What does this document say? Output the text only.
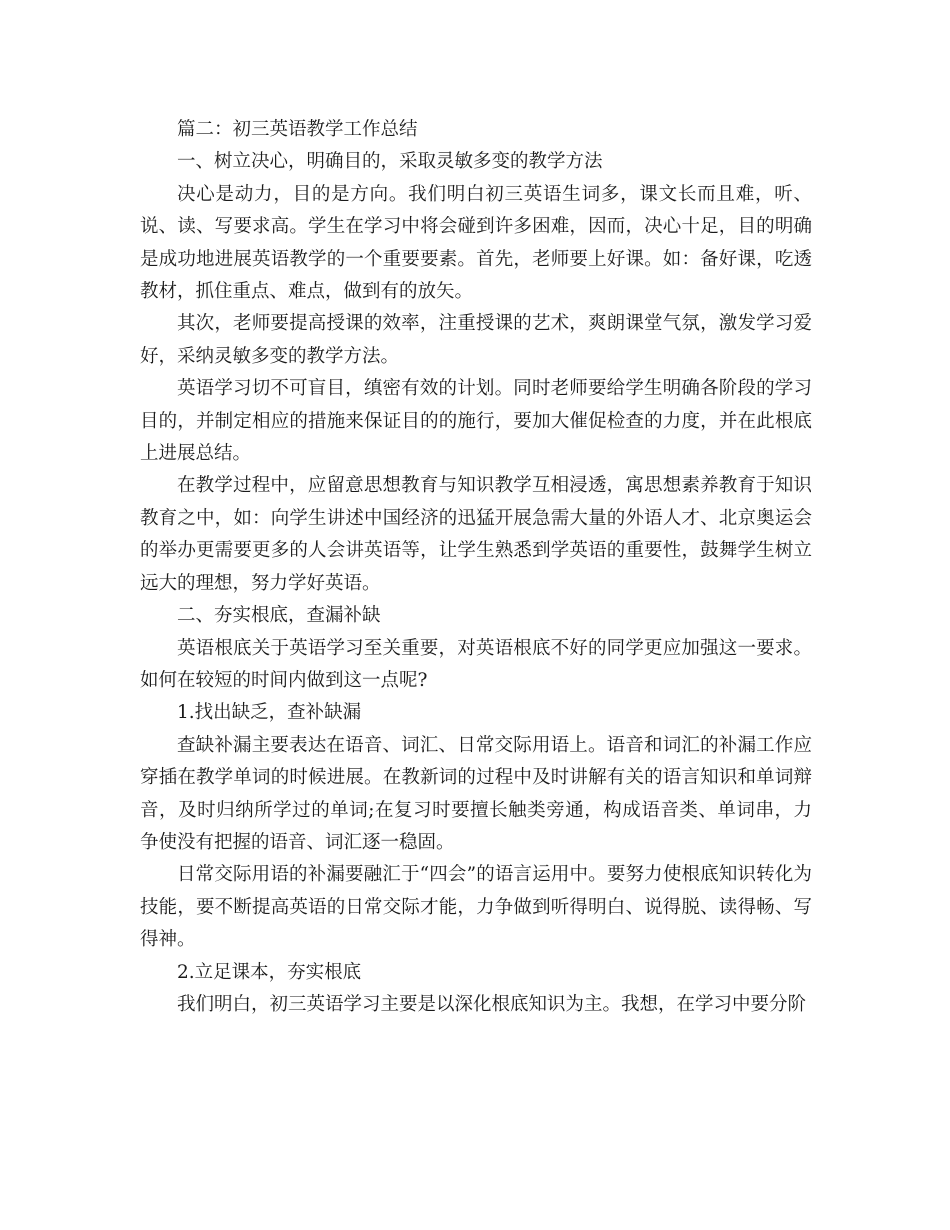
篇二：初三英语教学工作总结

一、树立决心，明确目的，采取灵敏多变的教学方法

决心是动力，目的是方向。我们明白初三英语生词多，课文长而且难，听、说、读、写要求高。学生在学习中将会碰到许多困难，因而，决心十足，目的明确是成功地进展英语教学的一个重要要素。首先，老师要上好课。如：备好课，吃透教材，抓住重点、难点，做到有的放矢。

其次，老师要提高授课的效率，注重授课的艺术，爽朗课堂气氛，激发学习爱好，采纳灵敏多变的教学方法。

英语学习切不可盲目，缜密有效的计划。同时老师要给学生明确各阶段的学习目的，并制定相应的措施来保证目的的施行，要加大催促检查的力度，并在此根底上进展总结。

在教学过程中，应留意思想教育与知识教学互相浸透，寓思想素养教育于知识教育之中，如：向学生讲述中国经济的迅猛开展急需大量的外语人才、北京奥运会的举办更需要更多的人会讲英语等，让学生熟悉到学英语的重要性，鼓舞学生树立远大的理想，努力学好英语。

二、夯实根底，查漏补缺

英语根底关于英语学习至关重要，对英语根底不好的同学更应加强这一要求。如何在较短的时间内做到这一点呢?

1.找出缺乏，查补缺漏

查缺补漏主要表达在语音、词汇、日常交际用语上。语音和词汇的补漏工作应穿插在教学单词的时候进展。在教新词的过程中及时讲解有关的语言知识和单词辩音，及时归纳所学过的单词;在复习时要擅长触类旁通，构成语音类、单词串，力争使没有把握的语音、词汇逐一稳固。

日常交际用语的补漏要融汇于“四会”的语言运用中。要努力使根底知识转化为技能，要不断提高英语的日常交际才能，力争做到听得明白、说得脱、读得畅、写得神。

2.立足课本，夯实根底

我们明白，初三英语学习主要是以深化根底知识为主。我想，在学习中要分阶
